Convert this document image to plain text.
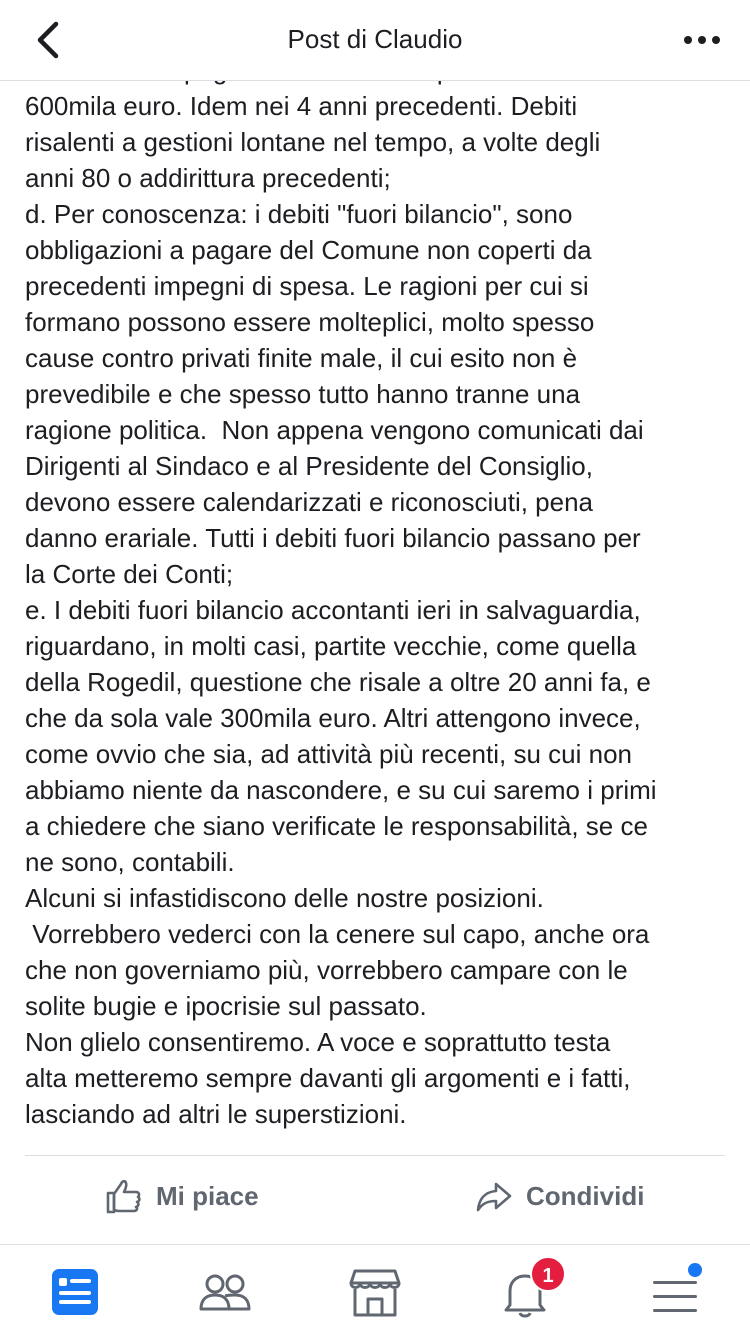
Post di Claudio

600mila euro. Idem nei 4 anni precedenti. Debiti
risalenti a gestioni lontane nel tempo, a volte degli
anni 80 o addirittura precedenti;
d. Per conoscenza: i debiti "fuori bilancio", sono
obbligazioni a pagare del Comune non coperti da
precedenti impegni di spesa. Le ragioni per cui si
formano possono essere molteplici, molto spesso
cause contro privati finite male, il cui esito non è
prevedibile e che spesso tutto hanno tranne una
ragione politica.  Non appena vengono comunicati dai
Dirigenti al Sindaco e al Presidente del Consiglio,
devono essere calendarizzati e riconosciuti, pena
danno erariale. Tutti i debiti fuori bilancio passano per
la Corte dei Conti;
e. I debiti fuori bilancio accontanti ieri in salvaguardia,
riguardano, in molti casi, partite vecchie, come quella
della Rogedil, questione che risale a oltre 20 anni fa, e
che da sola vale 300mila euro. Altri attengono invece,
come ovvio che sia, ad attività più recenti, su cui non
abbiamo niente da nascondere, e su cui saremo i primi
a chiedere che siano verificate le responsabilità, se ce
ne sono, contabili.
Alcuni si infastidiscono delle nostre posizioni.
Vorrebbero vederci con la cenere sul capo, anche ora
che non governiamo più, vorrebbero campare con le
solite bugie e ipocrisie sul passato.
Non glielo consentiremo. A voce e soprattutto testa
alta metteremo sempre davanti gli argomenti e i fatti,
lasciando ad altri le superstizioni.
Mi piace	Condividi
1
